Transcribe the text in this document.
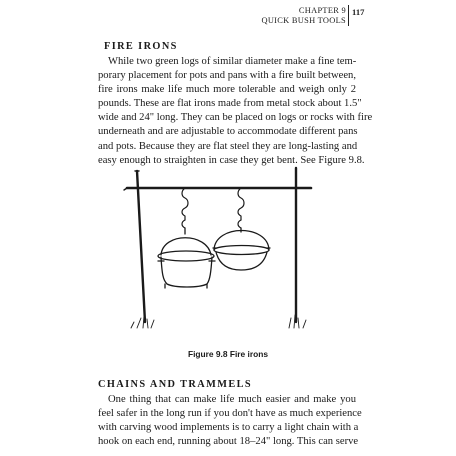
CHAPTER 9
QUICK BUSH TOOLS
117
FIRE IRONS
While two green logs of similar diameter make a fine tem-
porary placement for pots and pans with a fire built between,
fire irons make life much more tolerable and weigh only 2
pounds. These are flat irons made from metal stock about 1.5"
wide and 24" long. They can be placed on logs or rocks with fire
underneath and are adjustable to accommodate different pans
and pots. Because they are flat steel they are long-lasting and
easy enough to straighten in case they get bent. See Figure 9.8.
Figure 9.8 Fire irons
CHAINS AND TRAMMELS
One thing that can make life much easier and make you
feel safer in the long run if you don't have as much experience
with carving wood implements is to carry a light chain with a
hook on each end, running about 18–24" long. This can serve
